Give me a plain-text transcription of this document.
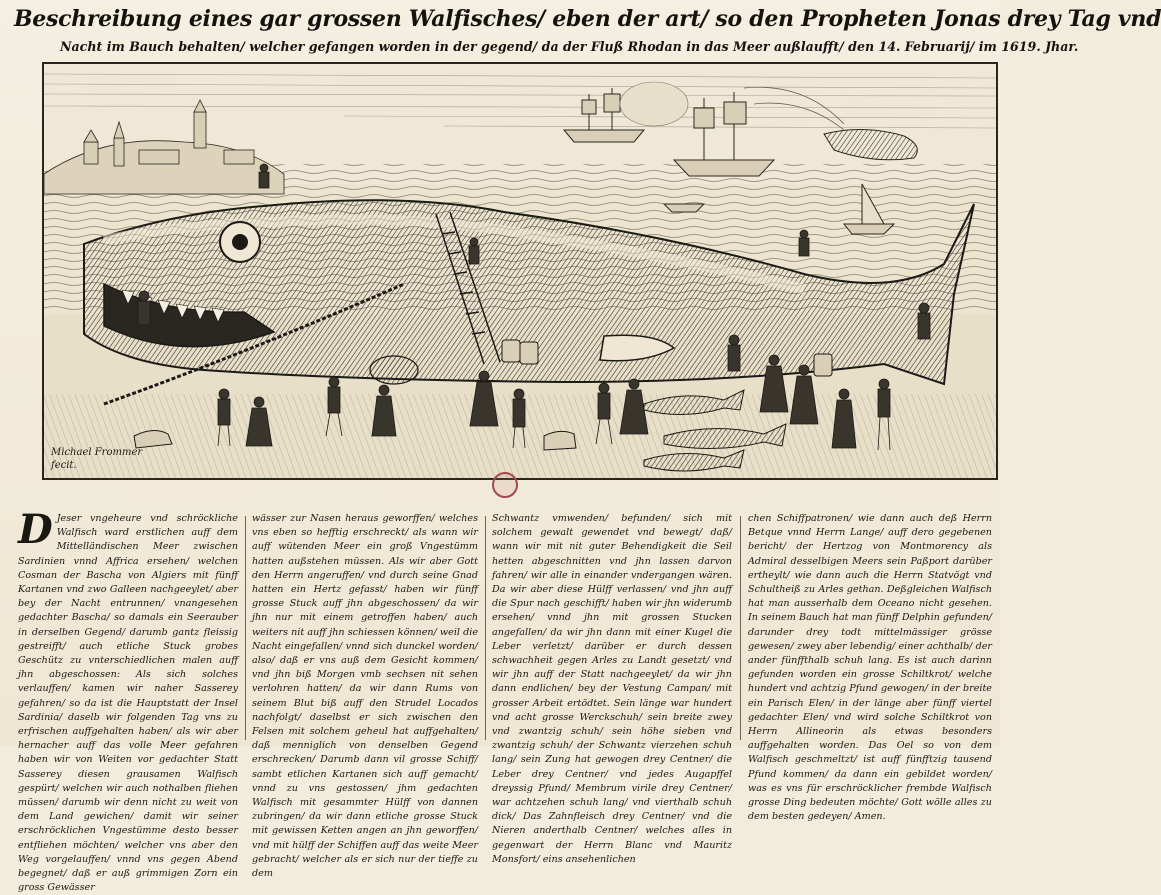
Beschreibung eines gar grossen Walfisches/ eben der art/ so den Propheten Jonas drey Tag vnd
Nacht im Bauch behalten/ welcher gefangen worden in der gegend/ da der Fluß Rhodan in das Meer außlaufft/ den 14. Februarij/ im 1619. Jhar.
Michael Frommer
fecit.
D Jeser vngeheure vnd schröckliche Walfisch ward erstlichen auff dem Mittelländischen Meer zwischen Sardinien vnnd Affrica ersehen/ welchen Cosman der Bascha von Algiers mit fünff Kartanen vnd zwo Galleen nachgeeylet/ aber bey der Nacht entrunnen/ vnangesehen gedachter Bascha/ so damals ein Seerauber in derselben Gegend/ darumb gantz fleissig gestreifft/ auch etliche Stuck grobes Geschütz zu vnterschiedlichen malen auff jhn abgeschossen: Als sich solches verlauffen/ kamen wir naher Sasserey gefahren/ so da ist die Hauptstatt der Insel Sardinia/ daselb wir folgenden Tag vns zu erfrischen auffgehalten haben/ als wir aber hernacher auff das volle Meer gefahren haben wir von Weiten vor gedachter Statt Sasserey diesen grausamen Walfisch gespürt/ welchen wir auch nothalben fliehen müssen/ darumb wir denn nicht zu weit von dem Land gewichen/ damit wir seiner erschröcklichen Vngestümme desto besser entfliehen möchten/ welcher vns aber den Weg vorgelauffen/ vnnd vns gegen Abend begegnet/ daß er auß grimmigen Zorn ein gross Gewässer
wässer zur Nasen heraus geworffen/ welches vns eben so hefftig erschreckt/ als wann wir auff wütenden Meer ein groß Vngestümm hatten außstehen müssen. Als wir aber Gott den Herrn angeruffen/ vnd durch seine Gnad hatten ein Hertz gefasst/ haben wir fünff grosse Stuck auff jhn abgeschossen/ da wir jhn nur mit einem getroffen haben/ auch weiters nit auff jhn schiessen können/ weil die Nacht eingefallen/ vnnd sich dunckel worden/ also/ daß er vns auß dem Gesicht kommen/ vnd jhn biß Morgen vmb sechsen nit sehen verlohren hatten/ da wir dann Rums von seinem Blut biß auff den Strudel Locados nachfolgt/ daselbst er sich zwischen den Felsen mit solchem geheul hat auffgehalten/ daß menniglich von denselben Gegend erschrecken/ Darumb dann vil grosse Schiff/ sambt etlichen Kartanen sich auff gemacht/ vnnd zu vns gestossen/ jhm gedachten Walfisch mit gesammter Hülff von dannen zubringen/ da wir dann etliche grosse Stuck mit gewissen Ketten angen an jhn geworffen/ vnd mit hülff der Schiffen auff das weite Meer gebracht/ welcher als er sich nur der tieffe zu dem
Schwantz vmwenden/ befunden/ sich mit solchem gewalt gewendet vnd bewegt/ daß/ wann wir mit nit guter Behendigkeit die Seil hetten abgeschnitten vnd jhn lassen darvon fahren/ wir alle in einander vndergangen wären. Da wir aber diese Hülff verlassen/ vnd jhn auff die Spur nach geschifft/ haben wir jhn widerumb ersehen/ vnnd jhn mit grossen Stucken angefallen/ da wir jhn dann mit einer Kugel die Leber verletzt/ darüber er durch dessen schwachheit gegen Arles zu Landt gesetzt/ vnd wir jhn auff der Statt nachgeeylet/ da wir jhn dann endlichen/ bey der Vestung Campan/ mit grosser Arbeit ertödtet. Sein länge war hundert vnd acht grosse Werckschuh/ sein breite zwey vnd zwantzig schuh/ sein höhe sieben vnd zwantzig schuh/ der Schwantz vierzehen schuh lang/ sein Zung hat gewogen drey Centner/ die Leber drey Centner/ vnd jedes Augapffel dreyssig Pfund/ Membrum virile drey Centner/ war achtzehen schuh lang/ vnd vierthalb schuh dick/ Das Zahnfleisch drey Centner/ vnd die Nieren anderthalb Centner/ welches alles in gegenwart der Herrn Blanc vnd Mauritz Monsfort/ eins ansehenlichen
chen Schiffpatronen/ wie dann auch deß Herrn Betque vnnd Herrn Lange/ auff dero gegebenen bericht/ der Hertzog von Montmorency als Admiral desselbigen Meers sein Paßport darüber ertheylt/ wie dann auch die Herrn Statvögt vnd Schultheiß zu Arles gethan. Deßgleichen Walfisch hat man ausserhalb dem Oceano nicht gesehen. In seinem Bauch hat man fünff Delphin gefunden/ darunder drey todt mittelmässiger grösse gewesen/ zwey aber lebendig/ einer achthalb/ der ander fünffthalb schuh lang. Es ist auch darinn gefunden worden ein grosse Schiltkrot/ welche hundert vnd achtzig Pfund gewogen/ in der breite ein Parisch Elen/ in der länge aber fünff viertel gedachter Elen/ vnd wird solche Schiltkrot von Herrn Allineorin als etwas besonders auffgehalten worden. Das Oel so von dem Walfisch geschmeltzt/ ist auff fünfftzig tausend Pfund kommen/ da dann ein gebildet worden/ was es vns für erschröcklicher frembde Walfisch grosse Ding bedeuten möchte/ Gott wölle alles zu dem besten gedeyen/ Amen.
